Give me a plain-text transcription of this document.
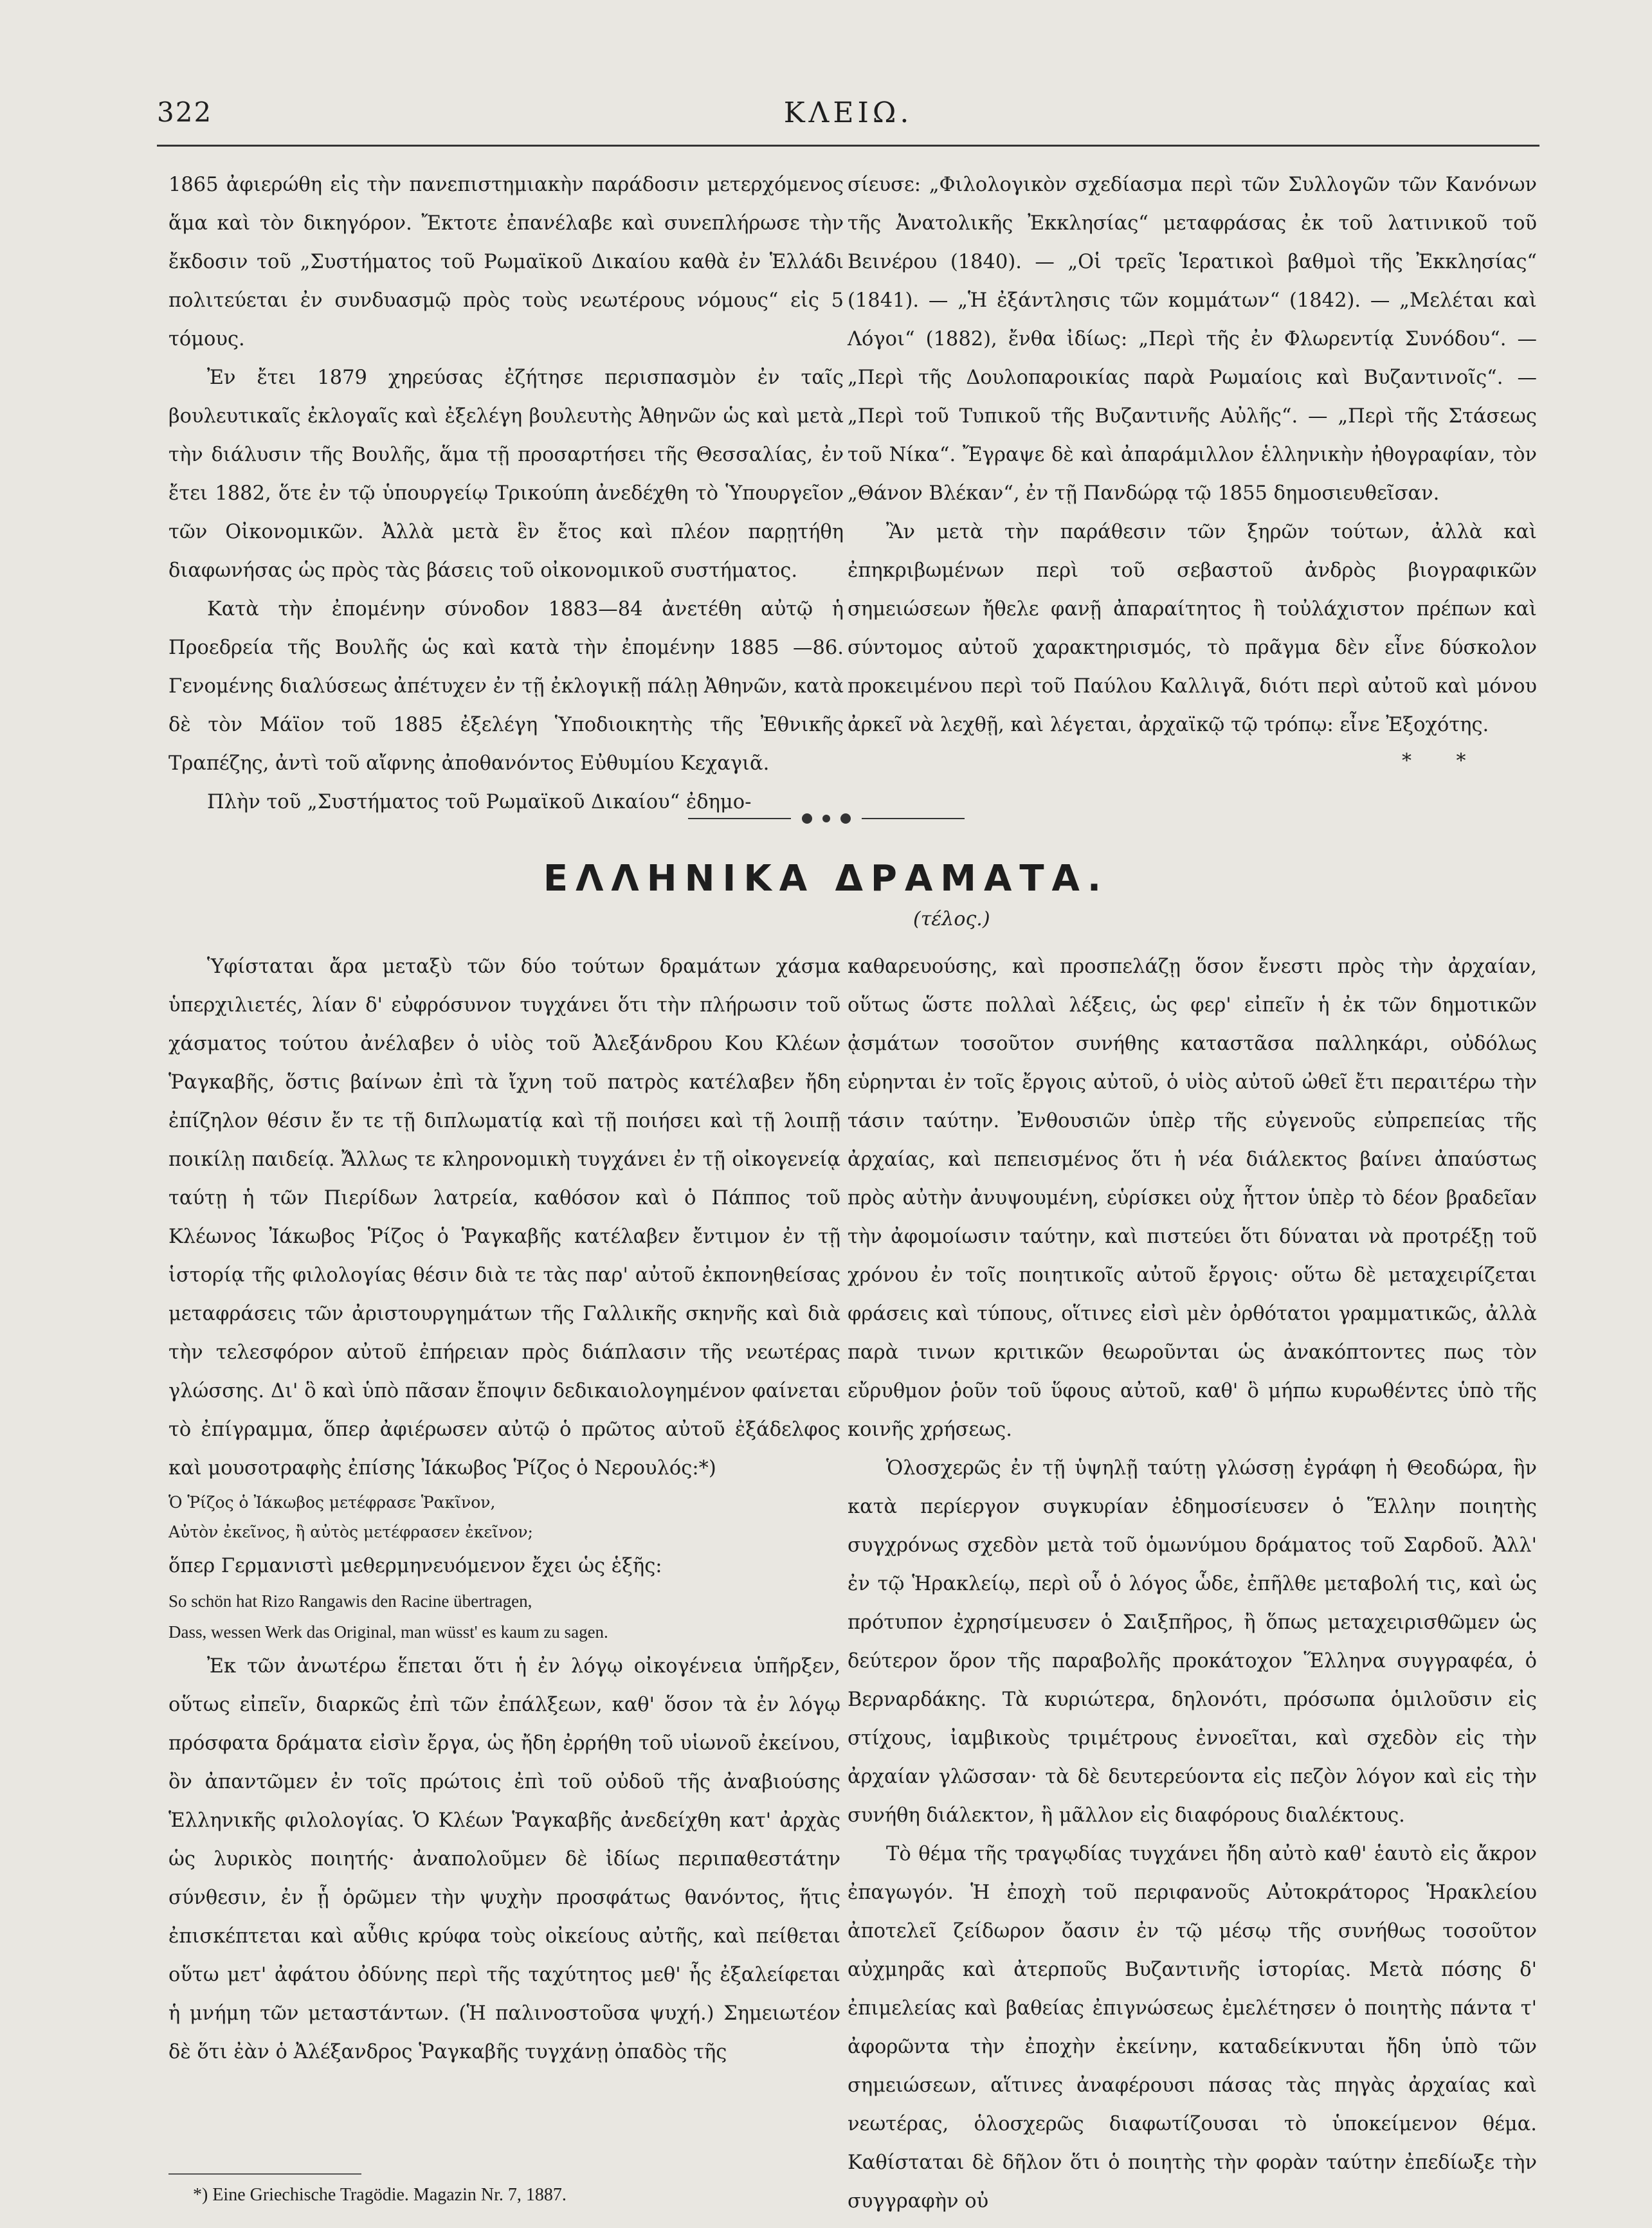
322	ΚΛΕΙΩ.

1865 ἀφιερώθη εἰς τὴν πανεπιστημιακὴν παράδοσιν μετερχόμενος ἅμα καὶ τὸν δικηγόρον. Ἔκτοτε ἐπανέλαβε καὶ συνεπλήρωσε τὴν ἔκδοσιν τοῦ „Συστήματος τοῦ Ρωμαϊκοῦ Δικαίου καθὰ ἐν Ἑλλάδι πολιτεύεται ἐν συνδυασμῷ πρὸς τοὺς νεωτέρους νόμους“ εἰς 5 τόμους.

Ἐν ἔτει 1879 χηρεύσας ἐζήτησε περισπασμὸν ἐν ταῖς βουλευτικαῖς ἐκλογαῖς καὶ ἐξελέγη βουλευτὴς Ἀθηνῶν ὡς καὶ μετὰ τὴν διάλυσιν τῆς Βουλῆς, ἅμα τῇ προσαρτήσει τῆς Θεσσαλίας, ἐν ἔτει 1882, ὅτε ἐν τῷ ὑπουργείῳ Τρικούπη ἀνεδέχθη τὸ Ὑπουργεῖον τῶν Οἰκονομικῶν. Ἀλλὰ μετὰ ἓν ἔτος καὶ πλέον παρῃτήθη διαφωνήσας ὡς πρὸς τὰς βάσεις τοῦ οἰκονομικοῦ συστήματος.

Κατὰ τὴν ἐπομένην σύνοδον 1883—84 ἀνετέθη αὐτῷ ἡ Προεδρεία τῆς Βουλῆς ὡς καὶ κατὰ τὴν ἐπομένην 1885 —86. Γενομένης διαλύσεως ἀπέτυχεν ἐν τῇ ἐκλογικῇ πάλῃ Ἀθηνῶν, κατὰ δὲ τὸν Μάϊον τοῦ 1885 ἐξελέγη Ὑποδιοικητὴς τῆς Ἐθνικῆς Τραπέζης, ἀντὶ τοῦ αἴφνης ἀποθανόντος Εὐθυμίου Κεχαγιᾶ.

Πλὴν τοῦ „Συστήματος τοῦ Ρωμαϊκοῦ Δικαίου“ ἐδημο-

σίευσε: „Φιλολογικὸν σχεδίασμα περὶ τῶν Συλλογῶν τῶν Κανόνων τῆς Ἀνατολικῆς Ἐκκλησίας“ μεταφράσας ἐκ τοῦ λατινικοῦ τοῦ Βεινέρου (1840). — „Οἱ τρεῖς Ἱερατικοὶ βαθμοὶ τῆς Ἐκκλησίας“ (1841). — „Ἡ ἐξάντλησις τῶν κομμάτων“ (1842). — „Μελέται καὶ Λόγοι“ (1882), ἔνθα ἰδίως: „Περὶ τῆς ἐν Φλωρεντίᾳ Συνόδου“. — „Περὶ τῆς Δουλοπαροικίας παρὰ Ρωμαίοις καὶ Βυζαντινοῖς“. — „Περὶ τοῦ Τυπικοῦ τῆς Βυζαντινῆς Αὐλῆς“. — „Περὶ τῆς Στάσεως τοῦ Νίκα“. Ἔγραψε δὲ καὶ ἀπαράμιλλον ἑλληνικὴν ἠθογραφίαν, τὸν „Θάνον Βλέκαν“, ἐν τῇ Πανδώρᾳ τῷ 1855 δημοσιευθεῖσαν.

Ἂν μετὰ τὴν παράθεσιν τῶν ξηρῶν τούτων, ἀλλὰ καὶ ἐπηκριβωμένων περὶ τοῦ σεβαστοῦ ἀνδρὸς βιογραφικῶν σημειώσεων ἤθελε φανῇ ἀπαραίτητος ἢ τοὐλάχιστον πρέπων καὶ σύντομος αὐτοῦ χαρακτηρισμός, τὸ πρᾶγμα δὲν εἶνε δύσκολον προκειμένου περὶ τοῦ Παύλου Καλλιγᾶ, διότι περὶ αὐτοῦ καὶ μόνου ἀρκεῖ νὰ λεχθῇ, καὶ λέγεται, ἀρχαϊκῷ τῷ τρόπῳ: εἶνε Ἐξοχότης.

* *
ΕΛΛΗΝΙΚΑ ΔΡΑΜΑΤΑ.
(τέλος.)

Ὑφίσταται ἄρα μεταξὺ τῶν δύο τούτων δραμάτων χάσμα ὑπερχιλιετές, λίαν δ' εὐφρόσυνον τυγχάνει ὅτι τὴν πλήρωσιν τοῦ χάσματος τούτου ἀνέλαβεν ὁ υἱὸς τοῦ Ἀλεξάνδρου Κου Κλέων Ῥαγκαβῆς, ὅστις βαίνων ἐπὶ τὰ ἴχνη τοῦ πατρὸς κατέλαβεν ἤδη ἐπίζηλον θέσιν ἔν τε τῇ διπλωματίᾳ καὶ τῇ ποιήσει καὶ τῇ λοιπῇ ποικίλῃ παιδείᾳ. Ἄλλως τε κληρονομικὴ τυγχάνει ἐν τῇ οἰκογενείᾳ ταύτῃ ἡ τῶν Πιερίδων λατρεία, καθόσον καὶ ὁ Πάππος τοῦ Κλέωνος Ἰάκωβος Ῥίζος ὁ Ῥαγκαβῆς κατέλαβεν ἔντιμον ἐν τῇ ἱστορίᾳ τῆς φιλολογίας θέσιν διὰ τε τὰς παρ' αὐτοῦ ἐκπονηθείσας μεταφράσεις τῶν ἀριστουργημάτων τῆς Γαλλικῆς σκηνῆς καὶ διὰ τὴν τελεσφόρον αὐτοῦ ἐπήρειαν πρὸς διάπλασιν τῆς νεωτέρας γλώσσης. Δι' ὃ καὶ ὑπὸ πᾶσαν ἔποψιν δεδικαιολογημένον φαίνεται τὸ ἐπίγραμμα, ὅπερ ἀφιέρωσεν αὐτῷ ὁ πρῶτος αὐτοῦ ἐξάδελφος καὶ μουσοτραφὴς ἐπίσης Ἰάκωβος Ῥίζος ὁ Νερουλός:*)

Ὁ Ῥίζος ὁ Ἰάκωβος μετέφρασε Ῥακῖνον,

Αὐτὸν ἐκεῖνος, ἢ αὐτὸς μετέφρασεν ἐκεῖνον;

ὅπερ Γερμανιστὶ μεθερμηνευόμενον ἔχει ὡς ἑξῆς:

So schön hat Rizo Rangawis den Racine übertragen,

Dass, wessen Werk das Original, man wüsst' es kaum zu sagen.

Ἐκ τῶν ἀνωτέρω ἕπεται ὅτι ἡ ἐν λόγῳ οἰκογένεια ὑπῆρξεν, οὕτως εἰπεῖν, διαρκῶς ἐπὶ τῶν ἐπάλξεων, καθ' ὅσον τὰ ἐν λόγῳ πρόσφατα δράματα εἰσὶν ἔργα, ὡς ἤδη ἐρρήθη τοῦ υἱωνοῦ ἐκείνου, ὂν ἀπαντῶμεν ἐν τοῖς πρώτοις ἐπὶ τοῦ οὐδοῦ τῆς ἀναβιούσης Ἑλληνικῆς φιλολογίας. Ὁ Κλέων Ῥαγκαβῆς ἀνεδείχθη κατ' ἀρχὰς ὡς λυρικὸς ποιητής· ἀναπολοῦμεν δὲ ἰδίως περιπαθεστάτην σύνθεσιν, ἐν ᾗ ὁρῶμεν τὴν ψυχὴν προσφάτως θανόντος, ἥτις ἐπισκέπτεται καὶ αὖθις κρύφα τοὺς οἰκείους αὐτῆς, καὶ πείθεται οὕτω μετ' ἀφάτου ὀδύνης περὶ τῆς ταχύτητος μεθ' ἧς ἐξαλείφεται ἡ μνήμη τῶν μεταστάντων. (Ἡ παλινοστοῦσα ψυχή.) Σημειωτέον δὲ ὅτι ἐὰν ὁ Ἀλέξανδρος Ῥαγκαβῆς τυγχάνῃ ὀπαδὸς τῆς

καθαρευούσης, καὶ προσπελάζῃ ὅσον ἔνεστι πρὸς τὴν ἀρχαίαν, οὕτως ὥστε πολλαὶ λέξεις, ὡς φερ' εἰπεῖν ἡ ἐκ τῶν δημοτικῶν ᾀσμάτων τοσοῦτον συνήθης καταστᾶσα παλληκάρι, οὐδόλως εὑρηνται ἐν τοῖς ἔργοις αὐτοῦ, ὁ υἱὸς αὐτοῦ ὠθεῖ ἔτι περαιτέρω τὴν τάσιν ταύτην. Ἐνθουσιῶν ὑπὲρ τῆς εὐγενοῦς εὐπρεπείας τῆς ἀρχαίας, καὶ πεπεισμένος ὅτι ἡ νέα διάλεκτος βαίνει ἀπαύστως πρὸς αὐτὴν ἀνυψουμένη, εὑρίσκει οὐχ ἧττον ὑπὲρ τὸ δέον βραδεῖαν τὴν ἀφομοίωσιν ταύτην, καὶ πιστεύει ὅτι δύναται νὰ προτρέξῃ τοῦ χρόνου ἐν τοῖς ποιητικοῖς αὐτοῦ ἔργοις· οὕτω δὲ μεταχειρίζεται φράσεις καὶ τύπους, οἵτινες εἰσὶ μὲν ὀρθότατοι γραμματικῶς, ἀλλὰ παρὰ τινων κριτικῶν θεωροῦνται ὡς ἀνακόπτοντες πως τὸν εὔρυθμον ῥοῦν τοῦ ὕφους αὐτοῦ, καθ' ὃ μήπω κυρωθέντες ὑπὸ τῆς κοινῆς χρήσεως.

Ὁλοσχερῶς ἐν τῇ ὑψηλῇ ταύτῃ γλώσσῃ ἐγράφη ἡ Θεοδώρα, ἣν κατὰ περίεργον συγκυρίαν ἐδημοσίευσεν ὁ Ἕλλην ποιητὴς συγχρόνως σχεδὸν μετὰ τοῦ ὁμωνύμου δράματος τοῦ Σαρδοῦ. Ἀλλ' ἐν τῷ Ἡρακλείῳ, περὶ οὗ ὁ λόγος ὧδε, ἐπῆλθε μεταβολή τις, καὶ ὡς πρότυπον ἐχρησίμευσεν ὁ Σαιξπῆρος, ἢ ὅπως μεταχειρισθῶμεν ὡς δεύτερον ὅρον τῆς παραβολῆς προκάτοχον Ἕλληνα συγγραφέα, ὁ Βερναρδάκης. Τὰ κυριώτερα, δηλονότι, πρόσωπα ὁμιλοῦσιν εἰς στίχους, ἰαμβικοὺς τριμέτρους ἐννοεῖται, καὶ σχεδὸν εἰς τὴν ἀρχαίαν γλῶσσαν· τὰ δὲ δευτερεύοντα εἰς πεζὸν λόγον καὶ εἰς τὴν συνήθη διάλεκτον, ἢ μᾶλλον εἰς διαφόρους διαλέκτους.

Τὸ θέμα τῆς τραγῳδίας τυγχάνει ἤδη αὐτὸ καθ' ἑαυτὸ εἰς ἄκρον ἐπαγωγόν. Ἡ ἐποχὴ τοῦ περιφανοῦς Αὐτοκράτορος Ἡρακλείου ἀποτελεῖ ζείδωρον ὄασιν ἐν τῷ μέσῳ τῆς συνήθως τοσοῦτον αὐχμηρᾶς καὶ ἀτερποῦς Βυζαντινῆς ἱστορίας. Μετὰ πόσης δ' ἐπιμελείας καὶ βαθείας ἐπιγνώσεως ἐμελέτησεν ὁ ποιητὴς πάντα τ' ἀφορῶντα τὴν ἐποχὴν ἐκείνην, καταδείκνυται ἤδη ὑπὸ τῶν σημειώσεων, αἵτινες ἀναφέρουσι πάσας τὰς πηγὰς ἀρχαίας καὶ νεωτέρας, ὁλοσχερῶς διαφωτίζουσαι τὸ ὑποκείμενον θέμα. Καθίσταται δὲ δῆλον ὅτι ὁ ποιητὴς τὴν φορὰν ταύτην ἐπεδίωξε τὴν συγγραφὴν οὐ

*) Eine Griechische Tragödie. Magazin Nr. 7, 1887.
